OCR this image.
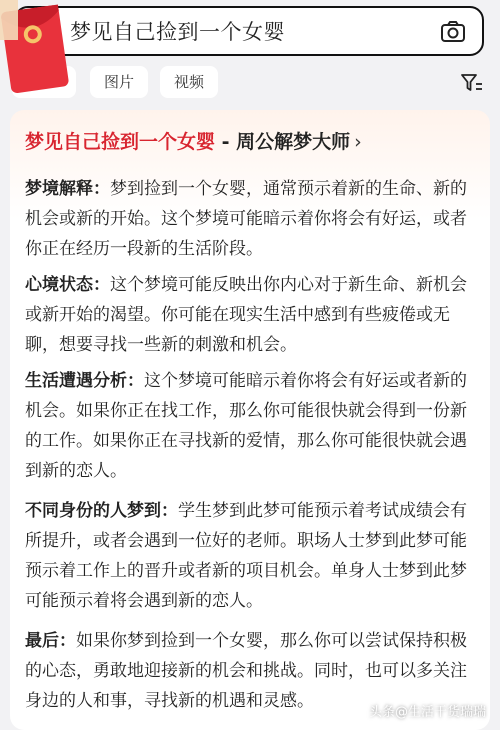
梦见自己捡到一个女婴
图片	视频
梦见自己捡到一个女婴 - 周公解梦大师 ›
梦境解释：梦到捡到一个女婴，通常预示着新的生命、新的机会或新的开始。这个梦境可能暗示着你将会有好运，或者你正在经历一段新的生活阶段。
心境状态：这个梦境可能反映出你内心对于新生命、新机会或新开始的渴望。你可能在现实生活中感到有些疲倦或无聊，想要寻找一些新的刺激和机会。
生活遭遇分析：这个梦境可能暗示着你将会有好运或者新的机会。如果你正在找工作，那么你可能很快就会得到一份新的工作。如果你正在寻找新的爱情，那么你可能很快就会遇到新的恋人。
不同身份的人梦到：学生梦到此梦可能预示着考试成绩会有所提升，或者会遇到一位好的老师。职场人士梦到此梦可能预示着工作上的晋升或者新的项目机会。单身人士梦到此梦可能预示着将会遇到新的恋人。
最后：如果你梦到捡到一个女婴，那么你可以尝试保持积极的心态，勇敢地迎接新的机会和挑战。同时，也可以多关注身边的人和事，寻找新的机遇和灵感。
头条@生活干货瑞瑞
